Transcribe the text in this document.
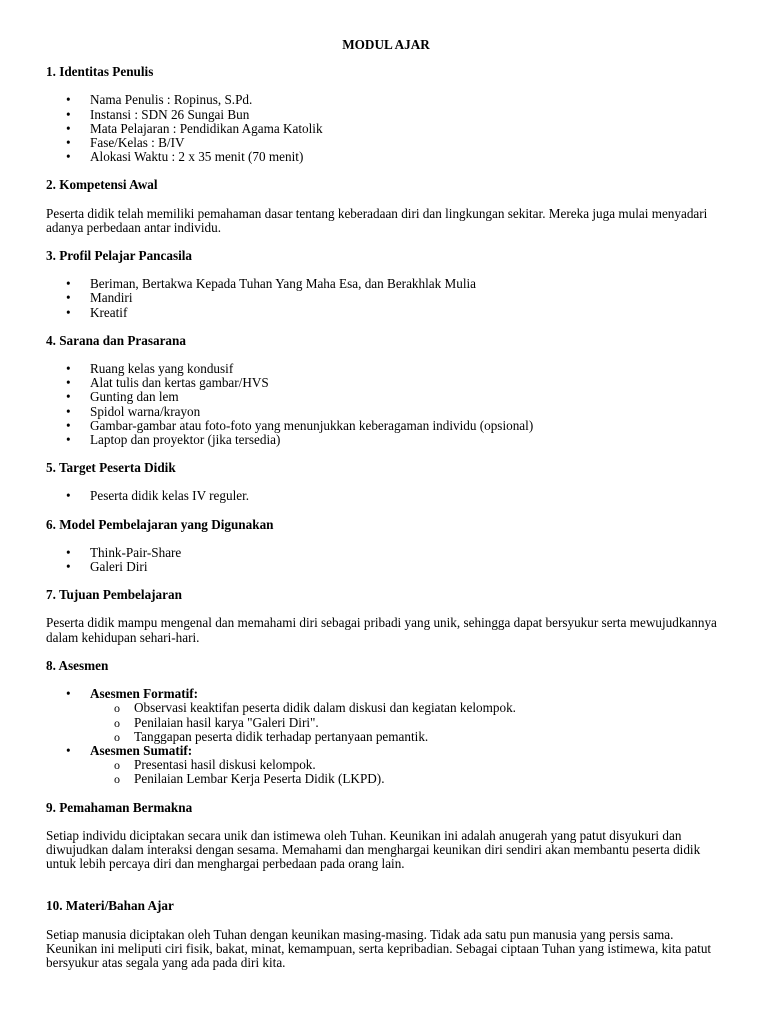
MODUL AJAR
1. Identitas Penulis
• Nama Penulis : Ropinus, S.Pd.
• Instansi : SDN 26 Sungai Bun
• Mata Pelajaran : Pendidikan Agama Katolik
• Fase/Kelas : B/IV
• Alokasi Waktu : 2 x 35 menit (70 menit)
2. Kompetensi Awal

Peserta didik telah memiliki pemahaman dasar tentang keberadaan diri dan lingkungan sekitar. Mereka juga mulai menyadari adanya perbedaan antar individu.

3. Profil Pelajar Pancasila
• Beriman, Bertakwa Kepada Tuhan Yang Maha Esa, dan Berakhlak Mulia
• Mandiri
• Kreatif
4. Sarana dan Prasarana
• Ruang kelas yang kondusif
• Alat tulis dan kertas gambar/HVS
• Gunting dan lem
• Spidol warna/krayon
• Gambar-gambar atau foto-foto yang menunjukkan keberagaman individu (opsional)
• Laptop dan proyektor (jika tersedia)
5. Target Peserta Didik
• Peserta didik kelas IV reguler.
6. Model Pembelajaran yang Digunakan
• Think-Pair-Share
• Galeri Diri
7. Tujuan Pembelajaran

Peserta didik mampu mengenal dan memahami diri sebagai pribadi yang unik, sehingga dapat bersyukur serta mewujudkannya dalam kehidupan sehari-hari.

8. Asesmen
• Asesmen Formatif:
o Observasi keaktifan peserta didik dalam diskusi dan kegiatan kelompok.
o Penilaian hasil karya "Galeri Diri".
o Tanggapan peserta didik terhadap pertanyaan pemantik.
• Asesmen Sumatif:
o Presentasi hasil diskusi kelompok.
o Penilaian Lembar Kerja Peserta Didik (LKPD).
9. Pemahaman Bermakna

Setiap individu diciptakan secara unik dan istimewa oleh Tuhan. Keunikan ini adalah anugerah yang patut disyukuri dan diwujudkan dalam interaksi dengan sesama. Memahami dan menghargai keunikan diri sendiri akan membantu peserta didik untuk lebih percaya diri dan menghargai perbedaan pada orang lain.

10. Materi/Bahan Ajar

Setiap manusia diciptakan oleh Tuhan dengan keunikan masing-masing. Tidak ada satu pun manusia yang persis sama. Keunikan ini meliputi ciri fisik, bakat, minat, kemampuan, serta kepribadian. Sebagai ciptaan Tuhan yang istimewa, kita patut bersyukur atas segala yang ada pada diri kita.
